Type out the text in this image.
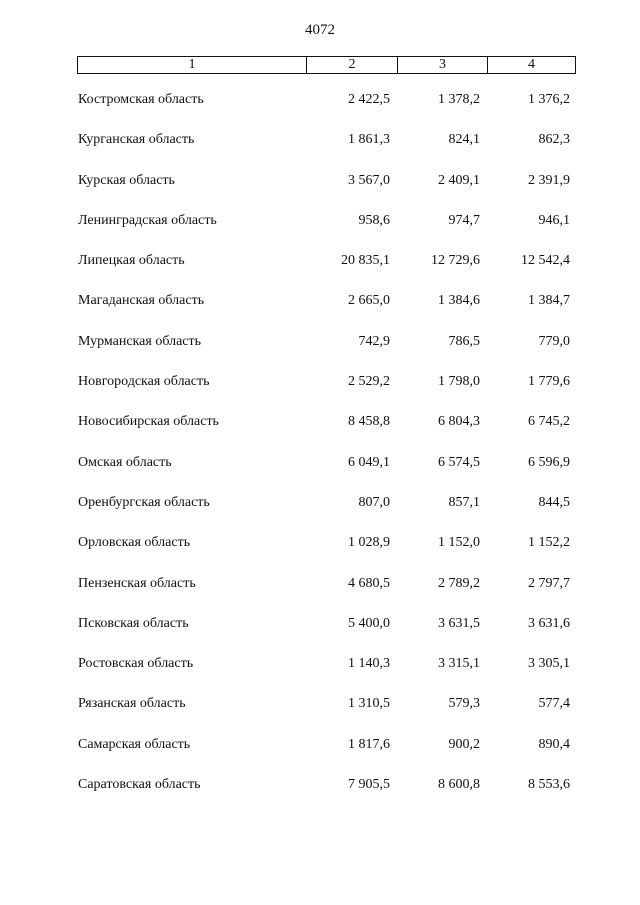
4072
1	2	3	4
Костромская область	2 422,5	1 378,2	1 376,2
Курганская область	1 861,3	824,1	862,3
Курская область	3 567,0	2 409,1	2 391,9
Ленинградская область	958,6	974,7	946,1
Липецкая область	20 835,1	12 729,6	12 542,4
Магаданская область	2 665,0	1 384,6	1 384,7
Мурманская область	742,9	786,5	779,0
Новгородская область	2 529,2	1 798,0	1 779,6
Новосибирская область	8 458,8	6 804,3	6 745,2
Омская область	6 049,1	6 574,5	6 596,9
Оренбургская область	807,0	857,1	844,5
Орловская область	1 028,9	1 152,0	1 152,2
Пензенская область	4 680,5	2 789,2	2 797,7
Псковская область	5 400,0	3 631,5	3 631,6
Ростовская область	1 140,3	3 315,1	3 305,1
Рязанская область	1 310,5	579,3	577,4
Самарская область	1 817,6	900,2	890,4
Саратовская область	7 905,5	8 600,8	8 553,6
